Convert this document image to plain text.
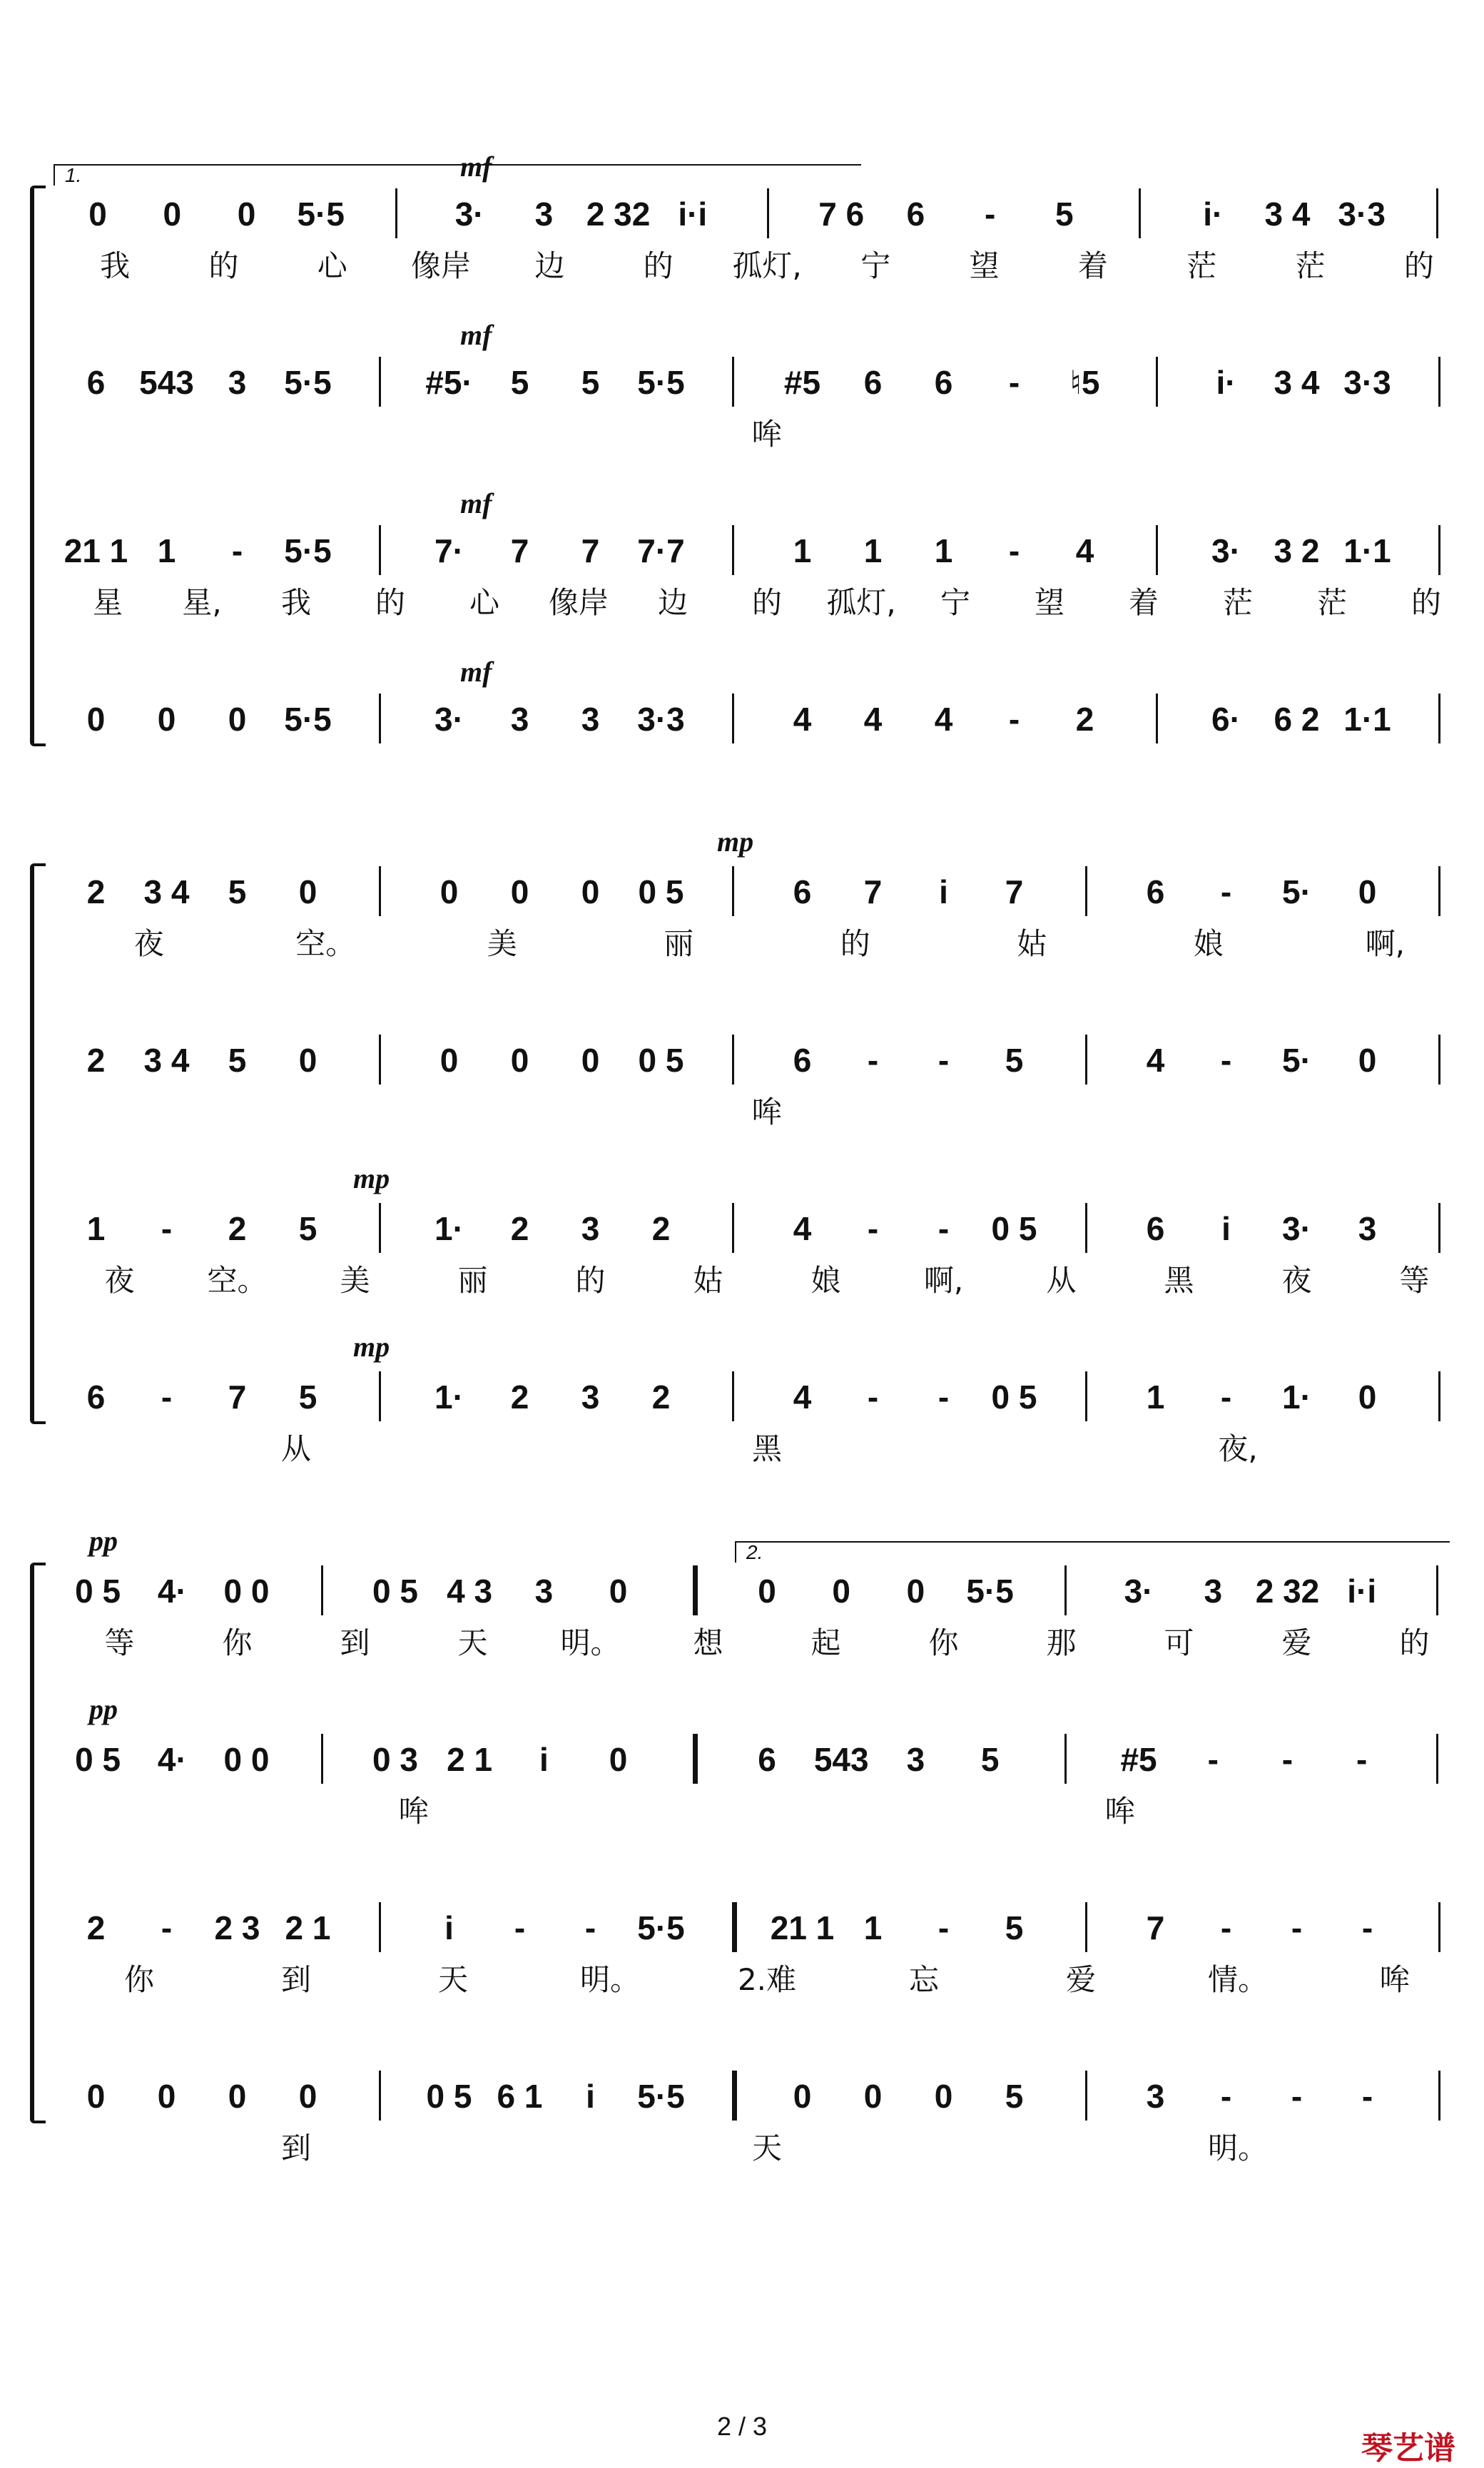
1.
0 0 0 5·5	3· 3 2 32 i·i	7 6 6 - 5	i· 3 4 3·3
mf
我	的	心 像岸 边	的 孤灯, 宁	望	着	茫	茫	的
6 543 3 5·5	#5· 5 5 5·5	#5 6 6 - ♮5	i· 3 4 3·3
mf
哞
21 1 1 - 5·5	7· 7 7 7·7	1 1 1 - 4	3· 3 2 1·1
mf
星 星, 我 的 心 像岸 边 的 孤灯, 宁 望 着 茫 茫 的
0 0 0 5·5	3· 3 3 3·3	4 4 4 - 2	6· 6 2 1·1
mf
2 3 4 5 0	0 0 0 0 5	6 7 i 7	6 - 5· 0
mp
夜	空。	美	丽	的	姑	娘	啊,
2 3 4 5 0	0 0 0 0 5	6 - - 5	4 - 5· 0
哞
1 - 2 5	1· 2 3 2	4 - - 0 5	6 i 3· 3
mp
夜 空。 美	丽	的	姑	娘	啊,	从	黑	夜	等
6 - 7 5	1· 2 3 2	4 - - 0 5	1 - 1· 0
mp
从	黑	夜,
2.
0 5 4· 0 0	0 5 4 3 3 0	0 0 0 5·5	3· 3 2 32 i·i
pp
等	你	到	天 明。 想	起	你	那	可	爱	的
0 5 4· 0 0	0 3 2 1 i 0	6 543 3 5	#5 - - -
pp
哞	哞
2 - 2 3 2 1	i - - 5·5	21 1 1 - 5	7 - - -
你	到	天	明。	2.难	忘	爱	情。	哞
0 0 0 0	0 5 6 1 i 5·5	0 0 0 5	3 - - -
到	天	明。
2 / 3
琴艺谱
